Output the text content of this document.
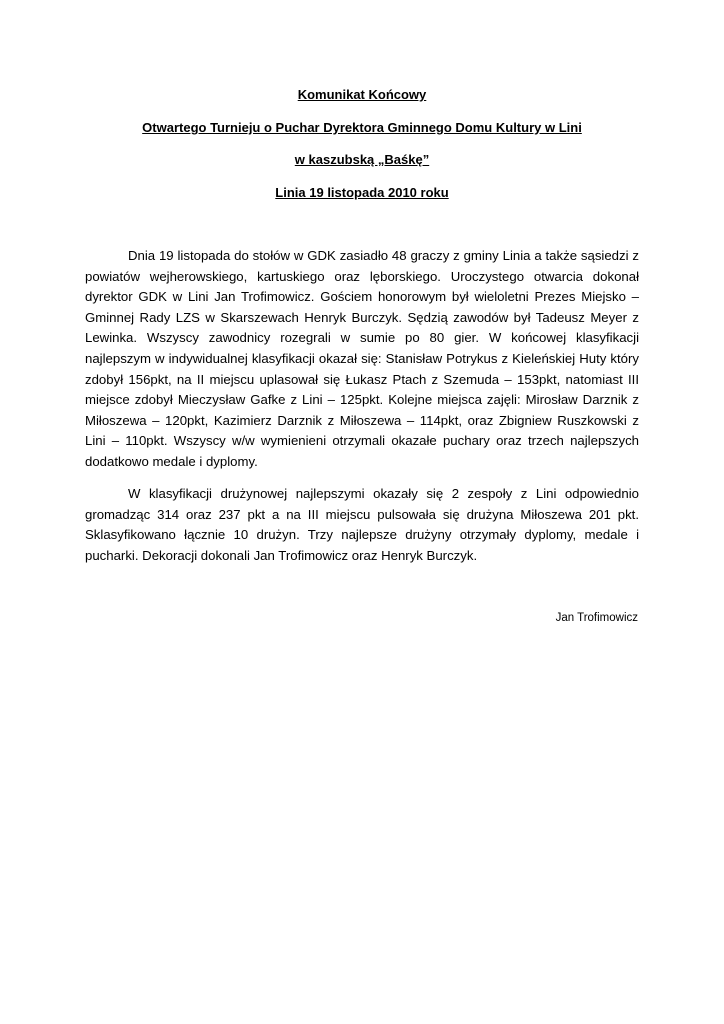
Komunikat Końcowy

Otwartego Turnieju o Puchar Dyrektora Gminnego Domu Kultury w Lini

w kaszubską „Baśkę”

Linia 19 listopada 2010 roku

Dnia 19 listopada do stołów w GDK zasiadło 48 graczy z gminy Linia a także sąsiedzi z powiatów wejherowskiego, kartuskiego oraz lęborskiego. Uroczystego otwarcia dokonał dyrektor GDK w Lini Jan Trofimowicz. Gościem honorowym był wieloletni Prezes Miejsko – Gminnej Rady LZS w Skarszewach Henryk Burczyk. Sędzią zawodów był Tadeusz Meyer z Lewinka. Wszyscy zawodnicy rozegrali w sumie po 80 gier. W końcowej klasyfikacji najlepszym w indywidualnej klasyfikacji okazał się: Stanisław Potrykus z Kieleńskiej Huty który zdobył 156pkt, na II miejscu uplasował się Łukasz Ptach z Szemuda – 153pkt, natomiast III miejsce zdobył Mieczysław Gafke z Lini – 125pkt. Kolejne miejsca zajęli: Mirosław Darznik z Miłoszewa – 120pkt, Kazimierz Darznik z Miłoszewa – 114pkt, oraz Zbigniew Ruszkowski z Lini – 110pkt. Wszyscy w/w wymienieni otrzymali okazałe puchary oraz trzech najlepszych dodatkowo medale i dyplomy.

W klasyfikacji drużynowej najlepszymi okazały się 2 zespoły z Lini odpowiednio gromadząc 314 oraz 237 pkt a na III miejscu pulsowała się drużyna Miłoszewa 201 pkt. Sklasyfikowano łącznie 10 drużyn. Trzy najlepsze drużyny otrzymały dyplomy, medale i pucharki. Dekoracji dokonali Jan Trofimowicz oraz Henryk Burczyk.

Jan Trofimowicz
